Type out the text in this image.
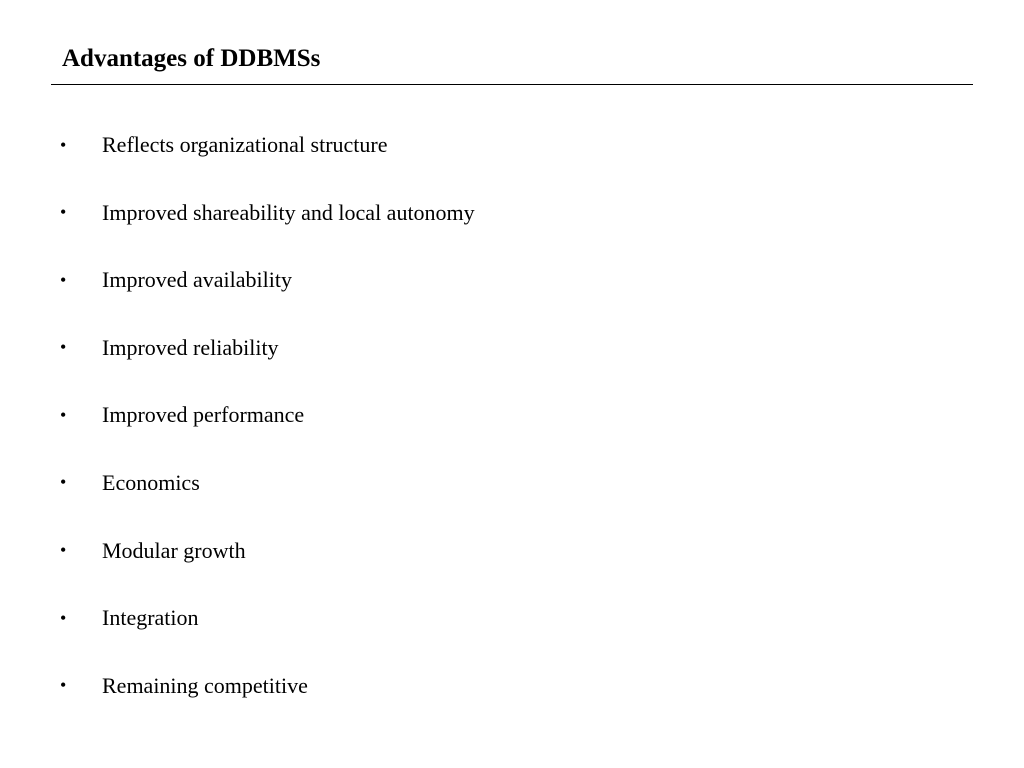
Advantages of DDBMSs
•	Reflects organizational structure
•	Improved shareability and local autonomy
•	Improved availability
•	Improved reliability
•	Improved performance
•	Economics
•	Modular growth
•	Integration
•	Remaining competitive
